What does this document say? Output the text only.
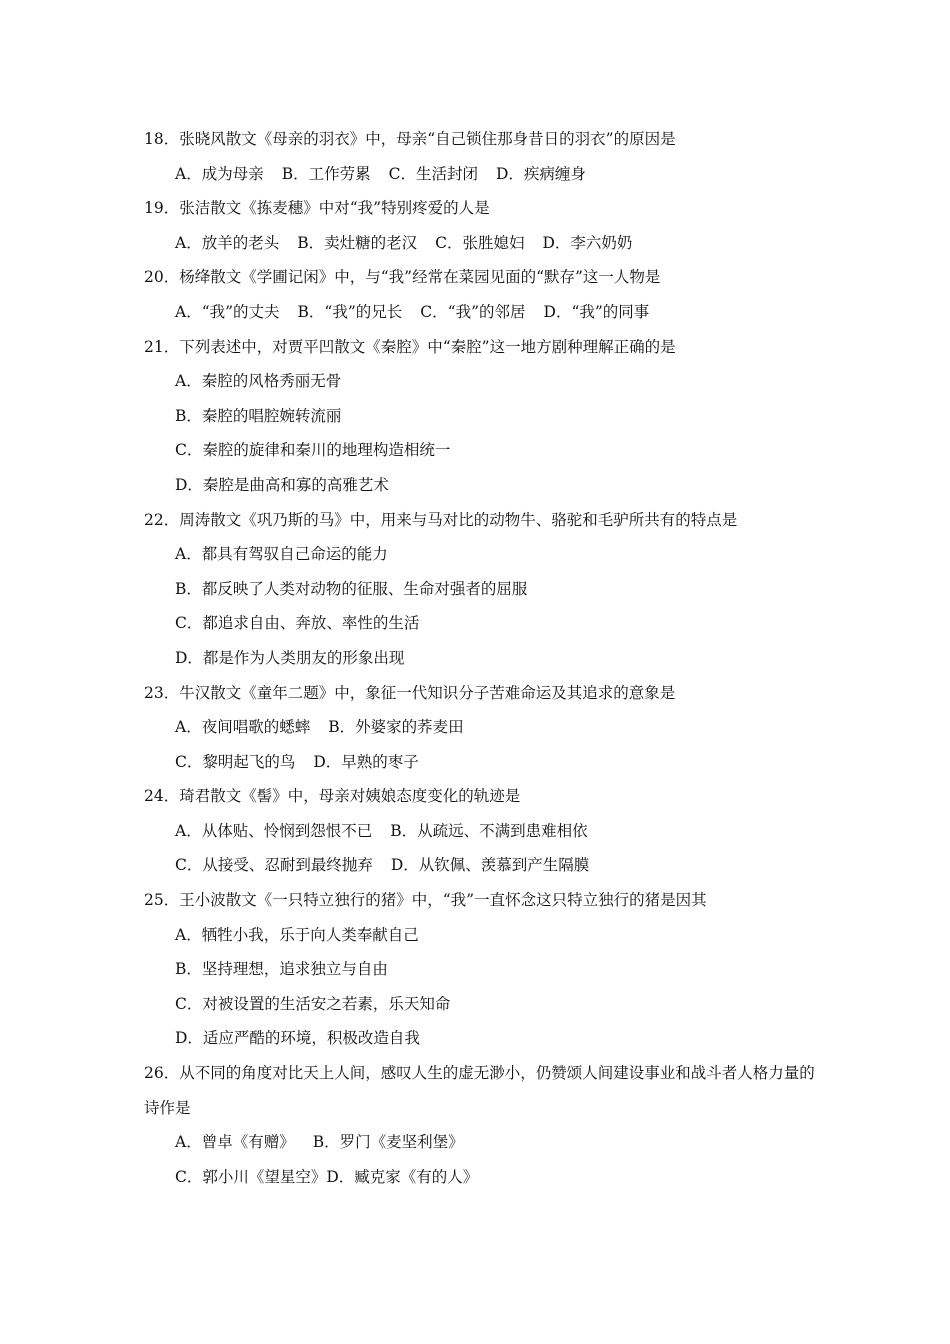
18．张晓风散文《母亲的羽衣》中，母亲“自己锁住那身昔日的羽衣”的原因是
A．成为母亲 B．工作劳累 C．生活封闭 D．疾病缠身
19．张洁散文《拣麦穗》中对“我”特别疼爱的人是
A．放羊的老头 B．卖灶糖的老汉 C．张胜媳妇 D．李六奶奶
20．杨绛散文《学圃记闲》中，与“我”经常在菜园见面的“默存”这一人物是
A．“我”的丈夫 B．“我”的兄长 C．“我”的邻居 D．“我”的同事
21．下列表述中，对贾平凹散文《秦腔》中“秦腔”这一地方剧种理解正确的是
A．秦腔的风格秀丽无骨
B．秦腔的唱腔婉转流丽
C．秦腔的旋律和秦川的地理构造相统一
D．秦腔是曲高和寡的高雅艺术
22．周涛散文《巩乃斯的马》中，用来与马对比的动物牛、骆驼和毛驴所共有的特点是
A．都具有驾驭自己命运的能力
B．都反映了人类对动物的征服、生命对强者的屈服
C．都追求自由、奔放、率性的生活
D．都是作为人类朋友的形象出现
23．牛汉散文《童年二题》中，象征一代知识分子苦难命运及其追求的意象是
A．夜间唱歌的蟋蟀 B．外婆家的荞麦田
C．黎明起飞的鸟 D．早熟的枣子
24．琦君散文《髻》中，母亲对姨娘态度变化的轨迹是
A．从体贴、怜悯到怨恨不已 B．从疏远、不满到患难相依
C．从接受、忍耐到最终抛弃 D．从钦佩、羡慕到产生隔膜
25．王小波散文《一只特立独行的猪》中，“我”一直怀念这只特立独行的猪是因其
A．牺牲小我，乐于向人类奉献自己
B．坚持理想，追求独立与自由
C．对被设置的生活安之若素，乐天知命
D．适应严酷的环境，积极改造自我
26．从不同的角度对比天上人间，感叹人生的虚无渺小，仍赞颂人间建设事业和战斗者人格力量的诗作是
A．曾卓《有赠》 B．罗门《麦坚利堡》
C．郭小川《望星空》D．臧克家《有的人》
